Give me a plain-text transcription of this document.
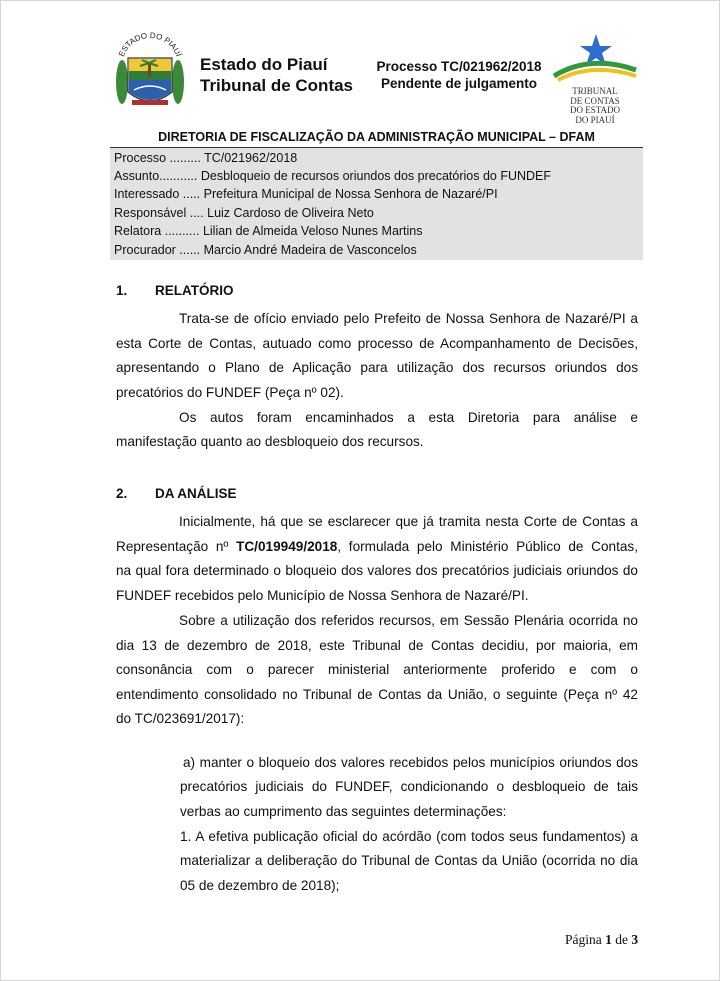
ESTADO DO PIAUÍ Estado do Piauí
Tribunal de Contas
Processo TC/021962/2018
Pendente de julgamento	TRIBUNAL
DE CONTAS
DO ESTADO
DO PIAUÍ
DIRETORIA DE FISCALIZAÇÃO DA ADMINISTRAÇÃO MUNICIPAL – DFAM
Processo ......... TC/021962/2018
Assunto........... Desbloqueio de recursos oriundos dos precatórios do FUNDEF
Interessado ..... Prefeitura Municipal de Nossa Senhora de Nazaré/PI
Responsável .... Luiz Cardoso de Oliveira Neto
Relatora .......... Lilian de Almeida Veloso Nunes Martins
Procurador ...... Marcio André Madeira de Vasconcelos
1. RELATÓRIO
Trata-se de ofício enviado pelo Prefeito de Nossa Senhora de Nazaré/PI a
esta Corte de Contas, autuado como processo de Acompanhamento de Decisões,
apresentando o Plano de Aplicação para utilização dos recursos oriundos dos
precatórios do FUNDEF (Peça nº 02).
Os autos foram encaminhados a esta Diretoria para análise e
manifestação quanto ao desbloqueio dos recursos.
2. DA ANÁLISE
Inicialmente, há que se esclarecer que já tramita nesta Corte de Contas a
Representação nº TC/019949/2018, formulada pelo Ministério Público de Contas,
na qual fora determinado o bloqueio dos valores dos precatórios judiciais oriundos do
FUNDEF recebidos pelo Município de Nossa Senhora de Nazaré/PI.
Sobre a utilização dos referidos recursos, em Sessão Plenária ocorrida no
dia 13 de dezembro de 2018, este Tribunal de Contas decidiu, por maioria, em
consonância com o parecer ministerial anteriormente proferido e com o
entendimento consolidado no Tribunal de Contas da União, o seguinte (Peça nº 42
do TC/023691/2017):
a) manter o bloqueio dos valores recebidos pelos municípios oriundos dos
precatórios judiciais do FUNDEF, condicionando o desbloqueio de tais
verbas ao cumprimento das seguintes determinações:
1. A efetiva publicação oficial do acórdão (com todos seus fundamentos) a
materializar a deliberação do Tribunal de Contas da União (ocorrida no dia
05 de dezembro de 2018);
Página 1 de 3
